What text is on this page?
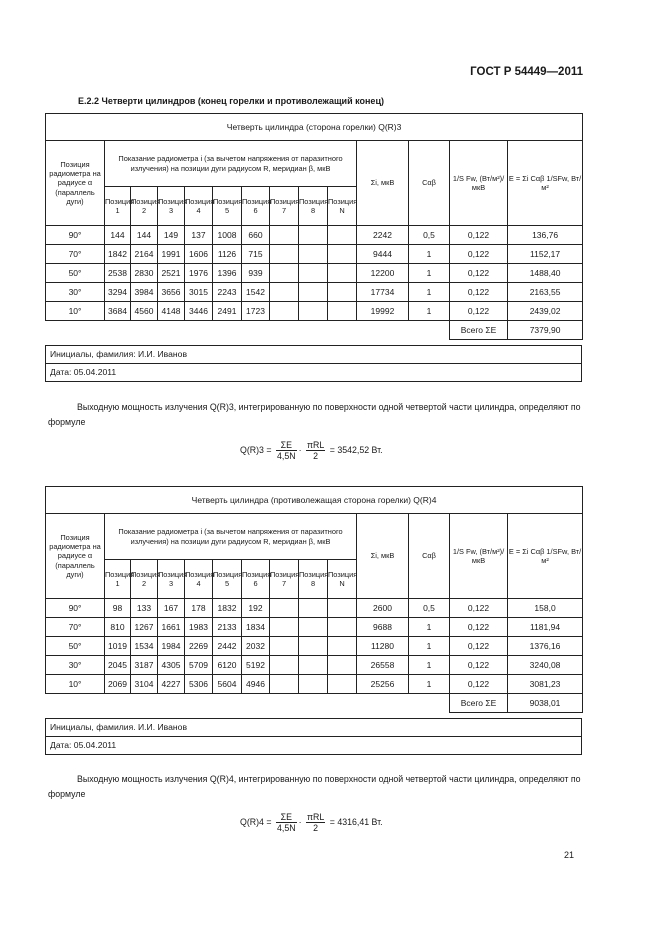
ГОСТ Р 54449—2011
Е.2.2 Четверти цилиндров (конец горелки и противолежащий конец)
Четверть цилиндра (сторона горелки) Q(R)3													
Позиция радиометра на радиусе α (параллель дуги)	Показание радиометра i (за вычетом напряжения от паразитного излучения) на позиции дуги радиусом R, меридиан β, мкВ									Σi, мкВ	Cαβ	1/S Fw, (Вт/м²)/мкВ	E = Σi Cαβ 1/SFw, Вт/м²
	Позиция 1	Позиция 2	Позиция 3	Позиция 4	Позиция 5	Позиция 6	Позиция 7	Позиция 8	Позиция N				
90°	144	144	149	137	1008	660				2242	0,5	0,122	136,76
70°	1842	2164	1991	1606	1126	715				9444	1	0,122	1152,17
50°	2538	2830	2521	1976	1396	939				12200	1	0,122	1488,40
30°	3294	3984	3656	3015	2243	1542				17734	1	0,122	2163,55
10°	3684	4560	4148	3446	2491	1723				19992	1	0,122	2439,02
												Всего ΣE	7379,90
Инициалы, фамилия: И.И. Иванов
Дата: 05.04.2011
Выходную мощность излучения Q(R)3, интегрированную по поверхности одной четвертой части цилиндра, определяют по формуле
$Q(R)3 = \frac{\Sigma E}{4,5N} \cdot \frac{\text{πRL}}{2} = 3542,52$ Вт.
Четверть цилиндра (противолежащая сторона горелки) Q(R)4													
Позиция радиометра на радиусе α (параллель дуги)	Показание радиометра i (за вычетом напряжения от паразитного излучения) на позиции дуги радиусом R, меридиан β, мкВ									Σi, мкВ	Cαβ	1/S Fw, (Вт/м²)/мкВ	E = Σi Cαβ 1/SFw, Вт/м²
	Позиция 1	Позиция 2	Позиция 3	Позиция 4	Позиция 5	Позиция 6	Позиция 7	Позиция 8	Позиция N				
90°	98	133	167	178	1832	192				2600	0,5	0,122	158,0
70°	810	1267	1661	1983	2133	1834				9688	1	0,122	1181,94
50°	1019	1534	1984	2269	2442	2032				11280	1	0,122	1376,16
30°	2045	3187	4305	5709	6120	5192				26558	1	0,122	3240,08
10°	2069	3104	4227	5306	5604	4946				25256	1	0,122	3081,23
												Всего ΣE	9038,01
Инициалы, фамилия. И.И. Иванов
Дата: 05.04.2011
Выходную мощность излучения Q(R)4, интегрированную по поверхности одной четвертой части цилиндра, определяют по формуле
$Q(R)4 = \frac{\Sigma E}{4,5N} \cdot \frac{\text{πRL}}{2} = 4316,41$ Вт.
21
